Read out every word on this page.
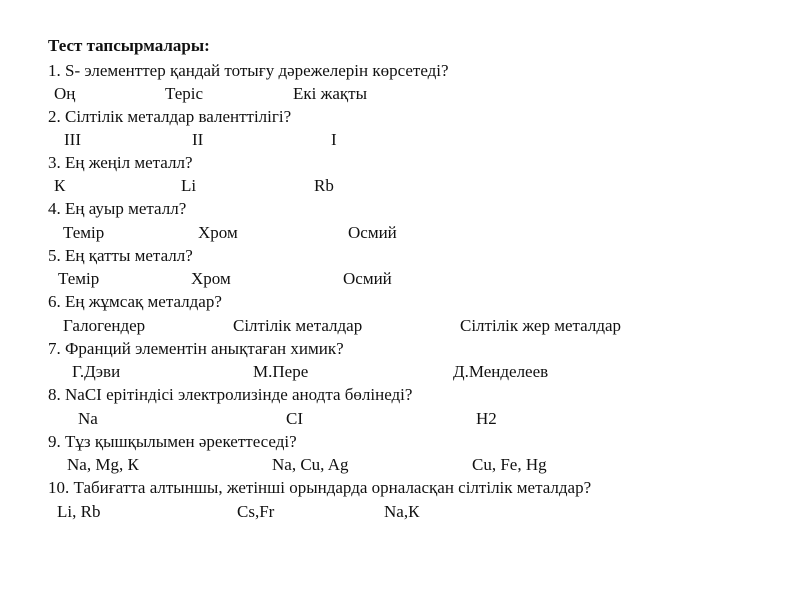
Тест тапсырмалары:
1. S- элементтер қандай тотығу дәрежелерін көрсетеді?
Оң	Теріс	Екі жақты
2. Сілтілік металдар валенттілігі?
III	II	I
3. Ең жеңіл металл?
К	Li	Rb
4. Ең ауыр металл?
Темір	Хром	Осмий
5. Ең қатты металл?
Темір	Хром	Осмий
6. Ең жұмсақ металдар?
Галогендер	Сілтілік металдар	Сілтілік жер металдар
7. Франций элементін анықтаған химик?
Г.Дэви	М.Пере	Д.Менделеев
8. NaCI ерітіндісі электролизінде анодта бөлінеді?
Na	CI	H2
9. Тұз қышқылымен әрекеттеседі?
Na, Mg, К	Na, Cu, Ag	Cu, Fe, Hg
10. Табиғатта алтыншы, жетінші орындарда орналасқан сілтілік металдар?
Li, Rb	Cs,Fr	Na,К
